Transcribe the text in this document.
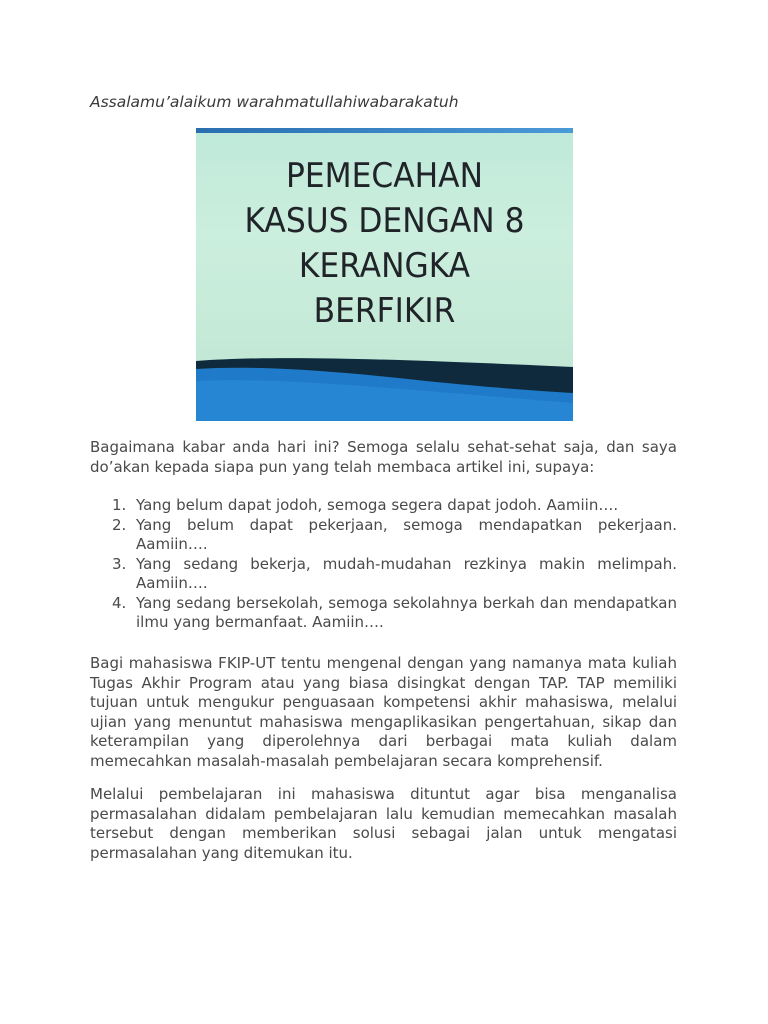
Assalamu’alaikum warahmatullahiwabarakatuh
PEMECAHAN
KASUS DENGAN 8
KERANGKA
BERFIKIR
Bagaimana kabar anda hari ini? Semoga selalu sehat-sehat saja, dan saya do’akan kepada siapa pun yang telah membaca artikel ini, supaya:
1. Yang belum dapat jodoh, semoga segera dapat jodoh. Aamiin….
2. Yang belum dapat pekerjaan, semoga mendapatkan pekerjaan. Aamiin….
3. Yang sedang bekerja, mudah-mudahan rezkinya makin melimpah. Aamiin….
4. Yang sedang bersekolah, semoga sekolahnya berkah dan mendapatkan ilmu yang bermanfaat. Aamiin….
Bagi mahasiswa FKIP-UT tentu mengenal dengan yang namanya mata kuliah Tugas Akhir Program atau yang biasa disingkat dengan TAP. TAP memiliki tujuan untuk mengukur penguasaan kompetensi akhir mahasiswa, melalui ujian yang menuntut mahasiswa mengaplikasikan pengertahuan, sikap dan keterampilan yang diperolehnya dari berbagai mata kuliah dalam memecahkan masalah-masalah pembelajaran secara komprehensif.
Melalui pembelajaran ini mahasiswa dituntut agar bisa menganalisa permasalahan didalam pembelajaran lalu kemudian memecahkan masalah tersebut dengan memberikan solusi sebagai jalan untuk mengatasi permasalahan yang ditemukan itu.
